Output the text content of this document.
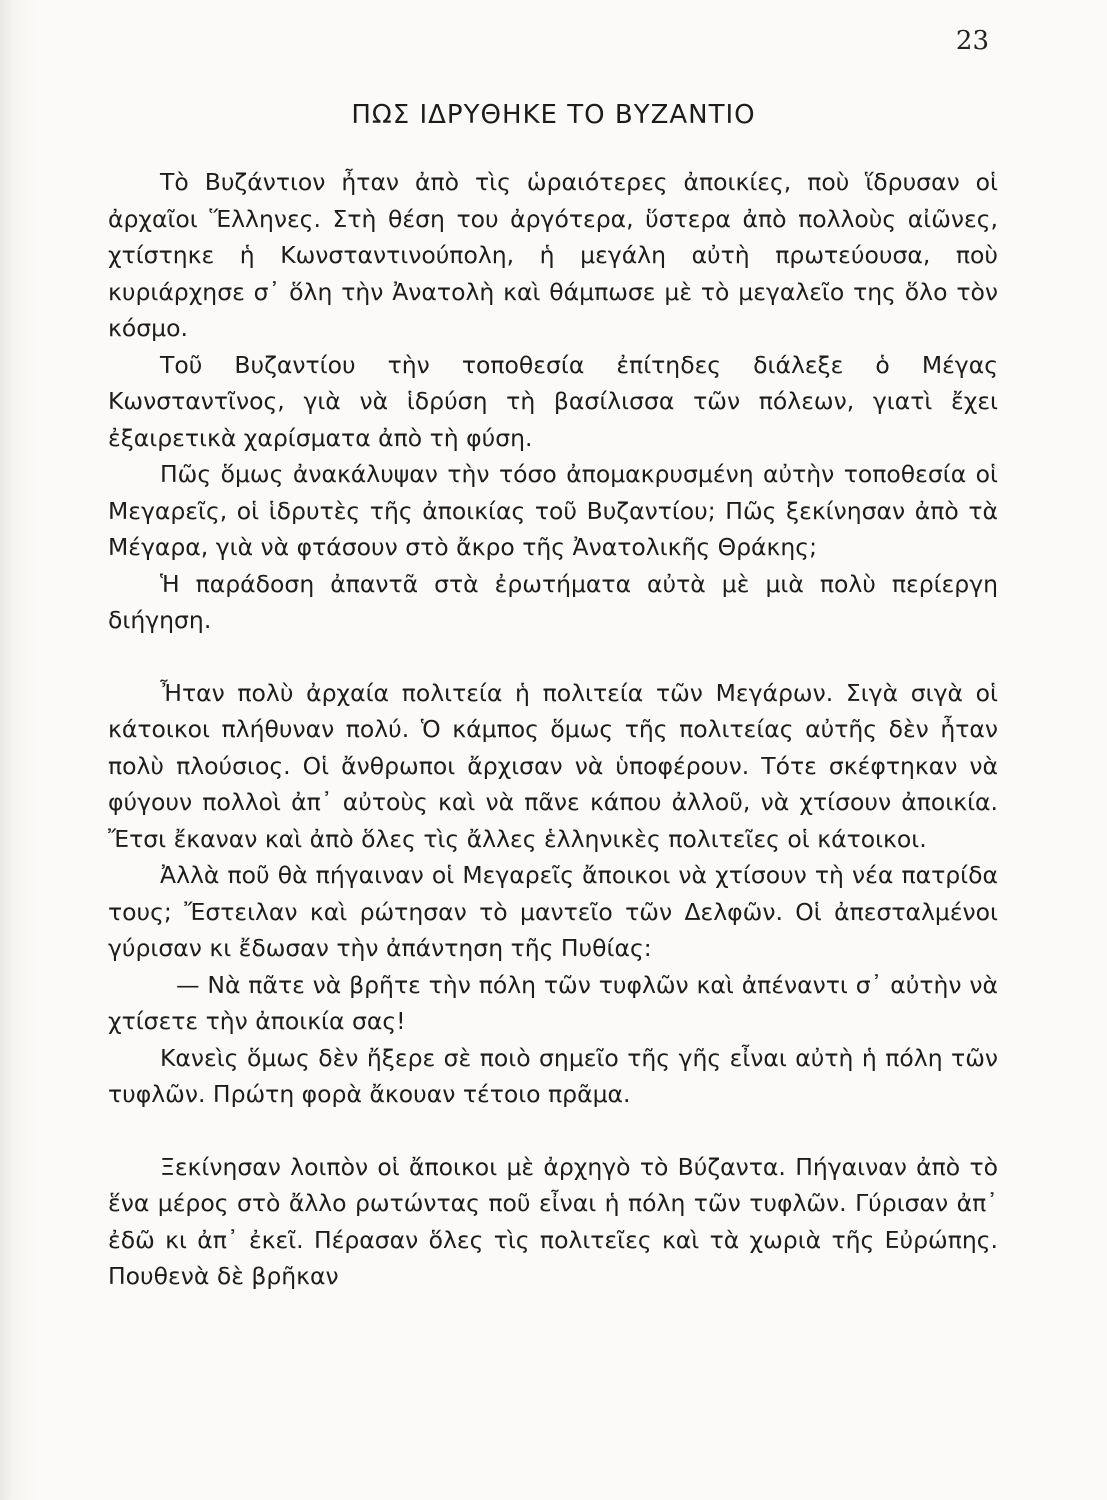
23
ΠΩΣ ΙΔΡΥΘΗΚΕ ΤΟ ΒΥΖΑΝΤΙΟ

Τὸ Βυζάντιον ἦταν ἀπὸ τὶς ὡραιότερες ἀποικίες, ποὺ ἵδρυσαν οἱ ἀρχαῖοι Ἕλληνες. Στὴ θέση του ἀργότερα, ὕστερα ἀπὸ πολλοὺς αἰῶνες, χτίστηκε ἡ Κωνσταντινούπολη, ἡ μεγάλη αὐτὴ πρωτεύουσα, ποὺ κυριάρχησε σ᾽ ὅλη τὴν Ἀνατολὴ καὶ θάμπωσε μὲ τὸ μεγαλεῖο της ὅλο τὸν κόσμο.

Τοῦ Βυζαντίου τὴν τοποθεσία ἐπίτηδες διάλεξε ὁ Μέγας Κωνσταντῖνος, γιὰ νὰ ἱδρύση τὴ βασίλισσα τῶν πόλεων, γιατὶ ἔχει ἐξαιρετικὰ χαρίσματα ἀπὸ τὴ φύση.

Πῶς ὅμως ἀνακάλυψαν τὴν τόσο ἀπομακρυσμένη αὐτὴν τοποθεσία οἱ Μεγαρεῖς, οἱ ἱδρυτὲς τῆς ἀποικίας τοῦ Βυζαντίου; Πῶς ξεκίνησαν ἀπὸ τὰ Μέγαρα, γιὰ νὰ φτάσουν στὸ ἄκρο τῆς Ἀνατολικῆς Θράκης;

Ἡ παράδοση ἀπαντᾶ στὰ ἐρωτήματα αὐτὰ μὲ μιὰ πολὺ περίεργη διήγηση.

Ἦταν πολὺ ἀρχαία πολιτεία ἡ πολιτεία τῶν Μεγάρων. Σιγὰ σιγὰ οἱ κάτοικοι πλήθυναν πολύ. Ὁ κάμπος ὅμως τῆς πολιτείας αὐτῆς δὲν ἦταν πολὺ πλούσιος. Οἱ ἄνθρωποι ἄρχισαν νὰ ὑποφέρουν. Τότε σκέφτηκαν νὰ φύγουν πολλοὶ ἀπ᾽ αὐτοὺς καὶ νὰ πᾶνε κάπου ἀλλοῦ, νὰ χτίσουν ἀποικία. Ἔτσι ἔκαναν καὶ ἀπὸ ὅλες τὶς ἄλλες ἑλληνικὲς πολιτεῖες οἱ κάτοικοι.

Ἀλλὰ ποῦ θὰ πήγαιναν οἱ Μεγαρεῖς ἄποικοι νὰ χτίσουν τὴ νέα πατρίδα τους; Ἔστειλαν καὶ ρώτησαν τὸ μαντεῖο τῶν Δελφῶν. Οἱ ἀπεσταλμένοι γύρισαν κι ἔδωσαν τὴν ἀπάντηση τῆς Πυθίας:

— Νὰ πᾶτε νὰ βρῆτε τὴν πόλη τῶν τυφλῶν καὶ ἀπέναντι σ᾽ αὐτὴν νὰ χτίσετε τὴν ἀποικία σας!

Κανεὶς ὅμως δὲν ἤξερε σὲ ποιὸ σημεῖο τῆς γῆς εἶναι αὐτὴ ἡ πόλη τῶν τυφλῶν. Πρώτη φορὰ ἄκουαν τέτοιο πρᾶμα.

Ξεκίνησαν λοιπὸν οἱ ἄποικοι μὲ ἀρχηγὸ τὸ Βύζαντα. Πήγαιναν ἀπὸ τὸ ἕνα μέρος στὸ ἄλλο ρωτώντας ποῦ εἶναι ἡ πόλη τῶν τυφλῶν. Γύρισαν ἀπ᾽ ἐδῶ κι ἀπ᾽ ἐκεῖ. Πέρασαν ὅλες τὶς πολιτεῖες καὶ τὰ χωριὰ τῆς Εὐρώπης. Πουθενὰ δὲ βρῆκαν
